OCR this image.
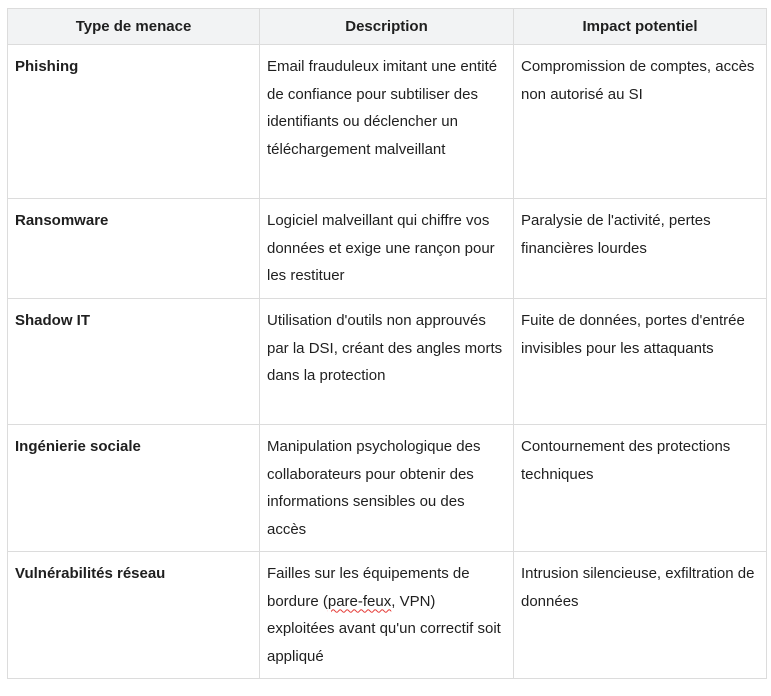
Type de menace	Description	Impact potentiel
Phishing	Email frauduleux imitant une entité de confiance pour subtiliser des identifiants ou déclencher un téléchargement malveillant	Compromission de comptes, accès non autorisé au SI
Ransomware	Logiciel malveillant qui chiffre vos données et exige une rançon pour les restituer	Paralysie de l'activité, pertes financières lourdes
Shadow IT	Utilisation d'outils non approuvés par la DSI, créant des angles morts dans la protection	Fuite de données, portes d'entrée invisibles pour les attaquants
Ingénierie sociale	Manipulation psychologique des collaborateurs pour obtenir des informations sensibles ou des accès	Contournement des protections techniques
Vulnérabilités réseau	Failles sur les équipements de bordure (pare-feux, VPN) exploitées avant qu'un correctif soit appliqué	Intrusion silencieuse, exfiltration de données
